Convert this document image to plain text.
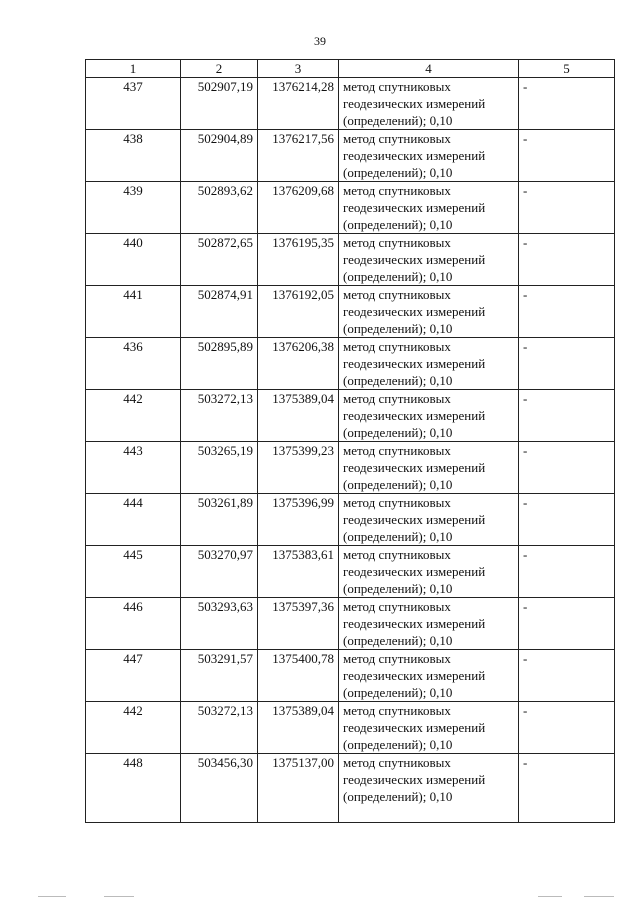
39
1	2	3	4	5
437	502907,19	1376214,28	метод спутниковых геодезических измерений (определений); 0,10	-
438	502904,89	1376217,56	метод спутниковых геодезических измерений (определений); 0,10	-
439	502893,62	1376209,68	метод спутниковых геодезических измерений (определений); 0,10	-
440	502872,65	1376195,35	метод спутниковых геодезических измерений (определений); 0,10	-
441	502874,91	1376192,05	метод спутниковых геодезических измерений (определений); 0,10	-
436	502895,89	1376206,38	метод спутниковых геодезических измерений (определений); 0,10	-
442	503272,13	1375389,04	метод спутниковых геодезических измерений (определений); 0,10	-
443	503265,19	1375399,23	метод спутниковых геодезических измерений (определений); 0,10	-
444	503261,89	1375396,99	метод спутниковых геодезических измерений (определений); 0,10	-
445	503270,97	1375383,61	метод спутниковых геодезических измерений (определений); 0,10	-
446	503293,63	1375397,36	метод спутниковых геодезических измерений (определений); 0,10	-
447	503291,57	1375400,78	метод спутниковых геодезических измерений (определений); 0,10	-
442	503272,13	1375389,04	метод спутниковых геодезических измерений (определений); 0,10	-
448	503456,30	1375137,00	метод спутниковых геодезических измерений (определений); 0,10	-
